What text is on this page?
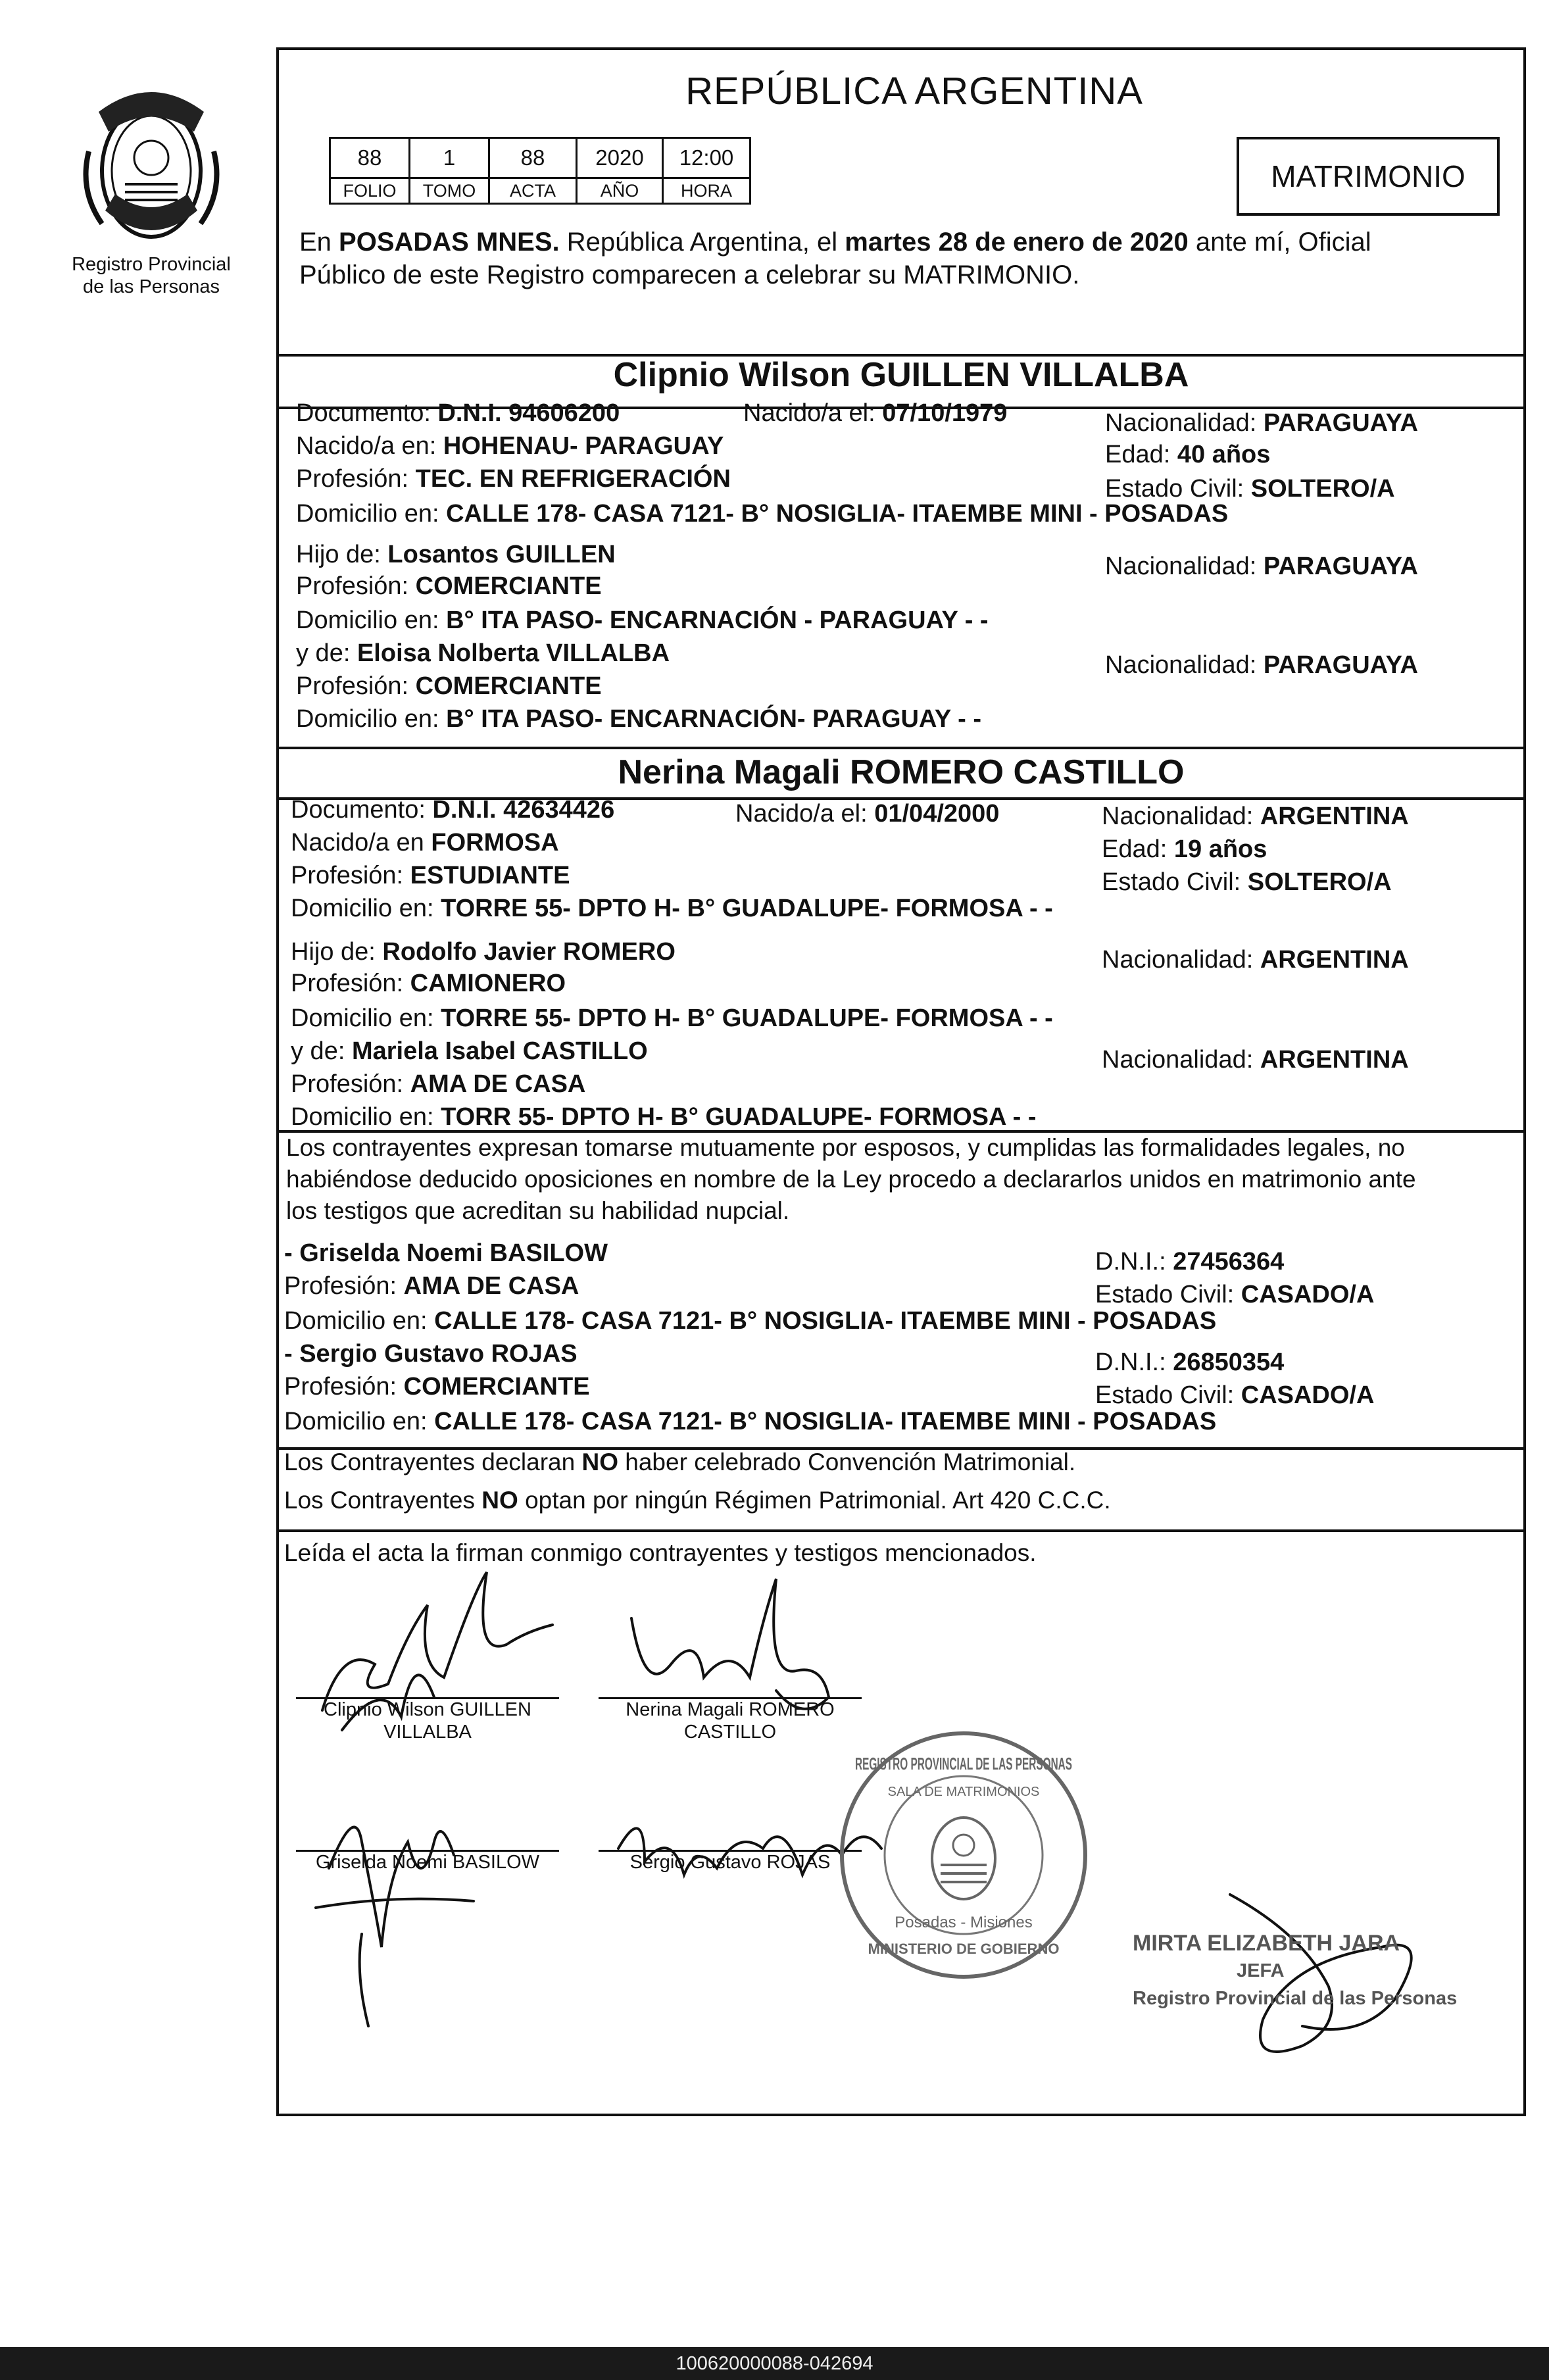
Registro Provincial
de las Personas
REPÚBLICA ARGENTINA
88	1	88	2020	12:00
FOLIO	TOMO	ACTA	AÑO	HORA	MATRIMONIO
En POSADAS MNES. República Argentina, el martes 28 de enero de 2020 ante mí, Oficial
Público de este Registro comparecen a celebrar su MATRIMONIO.
Clipnio Wilson GUILLEN VILLALBA
Documento: D.N.I. 94606200	Nacido/a el: 07/10/1979	Nacionalidad: PARAGUAYA
Nacido/a en: HOHENAU- PARAGUAY	Edad: 40 años
Profesión: TEC. EN REFRIGERACIÓN	Estado Civil: SOLTERO/A
Domicilio en: CALLE 178- CASA 7121- B° NOSIGLIA- ITAEMBE MINI - POSADAS
Hijo de: Losantos GUILLEN	Nacionalidad: PARAGUAYA
Profesión: COMERCIANTE
Domicilio en: B° ITA PASO- ENCARNACIÓN - PARAGUAY - -
y de: Eloisa Nolberta VILLALBA	Nacionalidad: PARAGUAYA
Profesión: COMERCIANTE
Domicilio en: B° ITA PASO- ENCARNACIÓN- PARAGUAY - -
Nerina Magali ROMERO CASTILLO
Documento: D.N.I. 42634426	Nacido/a el: 01/04/2000	Nacionalidad: ARGENTINA
Nacido/a en FORMOSA	Edad: 19 años
Profesión: ESTUDIANTE	Estado Civil: SOLTERO/A
Domicilio en: TORRE 55- DPTO H- B° GUADALUPE- FORMOSA - -
Hijo de: Rodolfo Javier ROMERO	Nacionalidad: ARGENTINA
Profesión: CAMIONERO
Domicilio en: TORRE 55- DPTO H- B° GUADALUPE- FORMOSA - -
y de: Mariela Isabel CASTILLO	Nacionalidad: ARGENTINA
Profesión: AMA DE CASA
Domicilio en: TORR 55- DPTO H- B° GUADALUPE- FORMOSA - -
Los contrayentes expresan tomarse mutuamente por esposos, y cumplidas las formalidades legales, no
habiéndose deducido oposiciones en nombre de la Ley procedo a declararlos unidos en matrimonio ante
los testigos que acreditan su habilidad nupcial.
- Griselda Noemi BASILOW	D.N.I.: 27456364
Profesión: AMA DE CASA	Estado Civil: CASADO/A
Domicilio en: CALLE 178- CASA 7121- B° NOSIGLIA- ITAEMBE MINI - POSADAS
- Sergio Gustavo ROJAS	D.N.I.: 26850354
Profesión: COMERCIANTE	Estado Civil: CASADO/A
Domicilio en: CALLE 178- CASA 7121- B° NOSIGLIA- ITAEMBE MINI - POSADAS
Los Contrayentes declaran NO haber celebrado Convención Matrimonial.
Los Contrayentes NO optan por ningún Régimen Patrimonial. Art 420 C.C.C.
Leída el acta la firman conmigo contrayentes y testigos mencionados.
Clipnio Wilson GUILLEN
VILLALBA
Nerina Magali ROMERO
CASTILLO
Griselda Noemi BASILOW	Sergio Gustavo ROJAS
REGISTRO PROVINCIAL DE LAS PERSONAS
SALA DE MATRIMONIOS
Posadas - Misiones
MINISTERIO DE GOBIERNO	MIRTA ELIZABETH JARA
JEFA
Registro Provincial de las Personas
100620000088-042694
